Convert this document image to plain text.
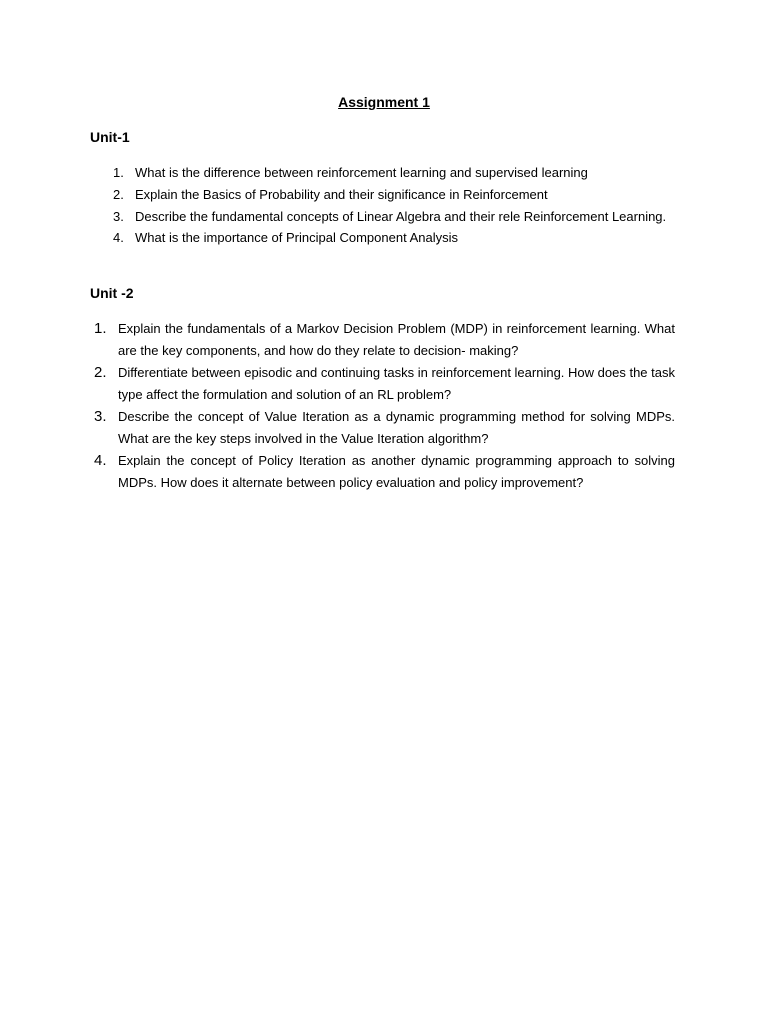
Assignment 1
Unit-1
1. What is the difference between reinforcement learning and supervised learning
2. Explain the Basics of Probability and their significance in Reinforcement
3. Describe the fundamental concepts of Linear Algebra and their rele Reinforcement Learning.
4. What is the importance of Principal Component Analysis
Unit -2
1. Explain the fundamentals of a Markov Decision Problem (MDP) in reinforcement learning. What are the key components, and how do they relate to decision- making?
2. Differentiate between episodic and continuing tasks in reinforcement learning. How does the task type affect the formulation and solution of an RL problem?
3. Describe the concept of Value Iteration as a dynamic programming method for solving MDPs. What are the key steps involved in the Value Iteration algorithm?
4. Explain the concept of Policy Iteration as another dynamic programming approach to solving MDPs. How does it alternate between policy evaluation and policy improvement?
